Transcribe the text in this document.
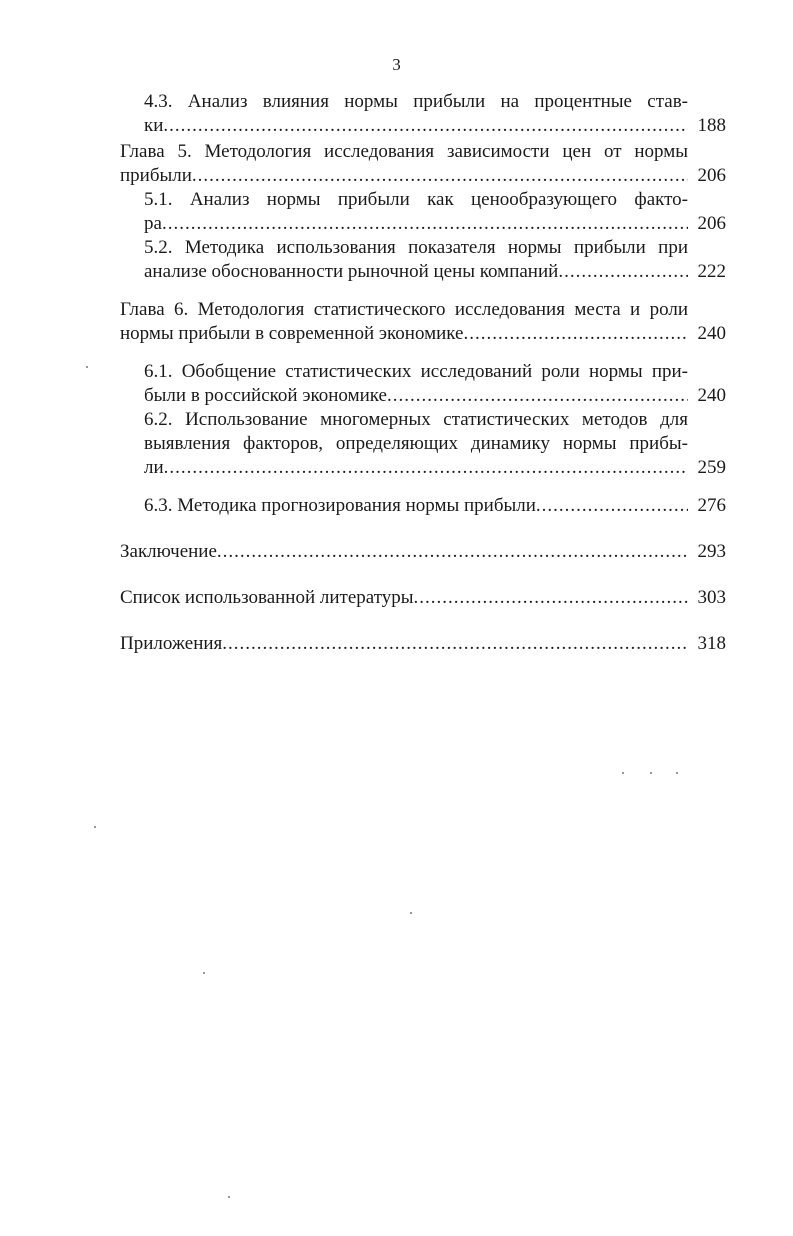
3
4.3. Анализ влияния нормы прибыли на процентные став-
ки .....	188
Глава 5. Методология исследования зависимости цен от нормы
прибыли .....	206
5.1. Анализ нормы прибыли как ценообразующего факто-
ра .....	206
5.2. Методика использования показателя нормы прибыли при
анализе обоснованности рыночной цены компаний .....	222
Глава 6. Методология статистического исследования места и роли
нормы прибыли в современной экономике .....	240
6.1. Обобщение статистических исследований роли нормы при-
были в российской экономике .....	240
6.2. Использование многомерных статистических методов для
выявления факторов, определяющих динамику нормы прибы-
ли .....	259
6.3. Методика прогнозирования нормы прибыли .....	276
Заключение .....	293
Список использованной литературы .....	303
Приложения .....	318
